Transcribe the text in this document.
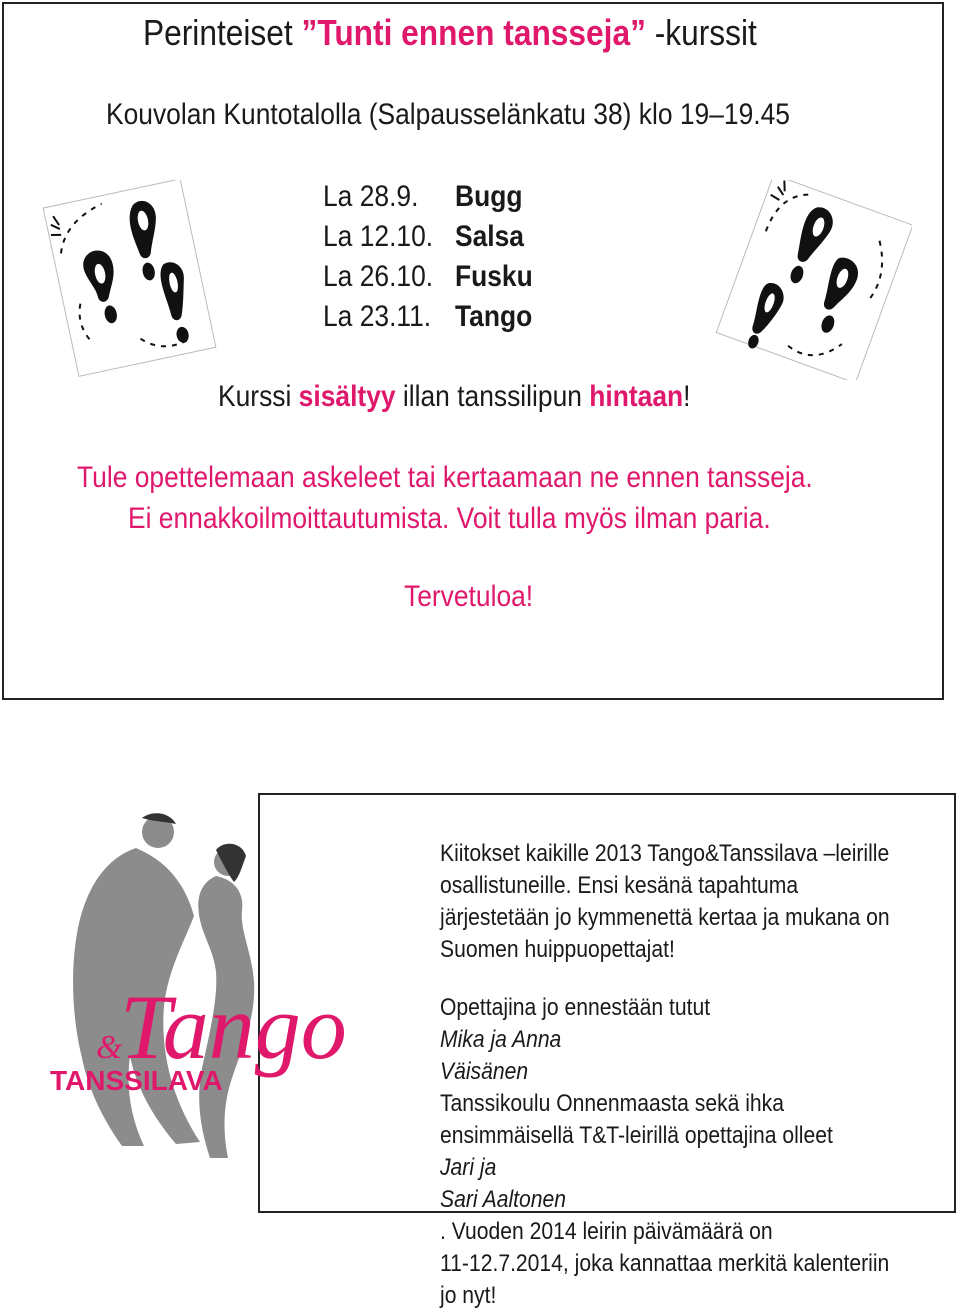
Perinteiset ”Tunti ennen tansseja” -kurssit
Kouvolan Kuntotalolla (Salpausselänkatu 38) klo 19–19.45
La 28.9. Bugg
La 12.10. Salsa
La 26.10. Fusku
La 23.11. Tango
Kurssi sisältyy illan tanssilipun hintaan!
Tule opettelemaan askeleet tai kertaamaan ne ennen tansseja.
Ei ennakkoilmoittautumista. Voit tulla myös ilman paria.
Tervetuloa!
Tango
&
TANSSILAVA
Kiitokset kaikille 2013 Tango&Tanssilava –leirille
osallistuneille. Ensi kesänä tapahtuma
järjestetään jo kymmenettä kertaa ja mukana on
Suomen huippuopettajat!
Opettajina jo ennestään tutut
Mika ja Anna
Väisänen
Tanssikoulu Onnenmaasta sekä ihka
ensimmäisellä T&T-leirillä opettajina olleet
Jari ja
Sari Aaltonen
. Vuoden 2014 leirin päivämäärä on
11-12.7.2014, joka kannattaa merkitä kalenteriin
jo nyt!
